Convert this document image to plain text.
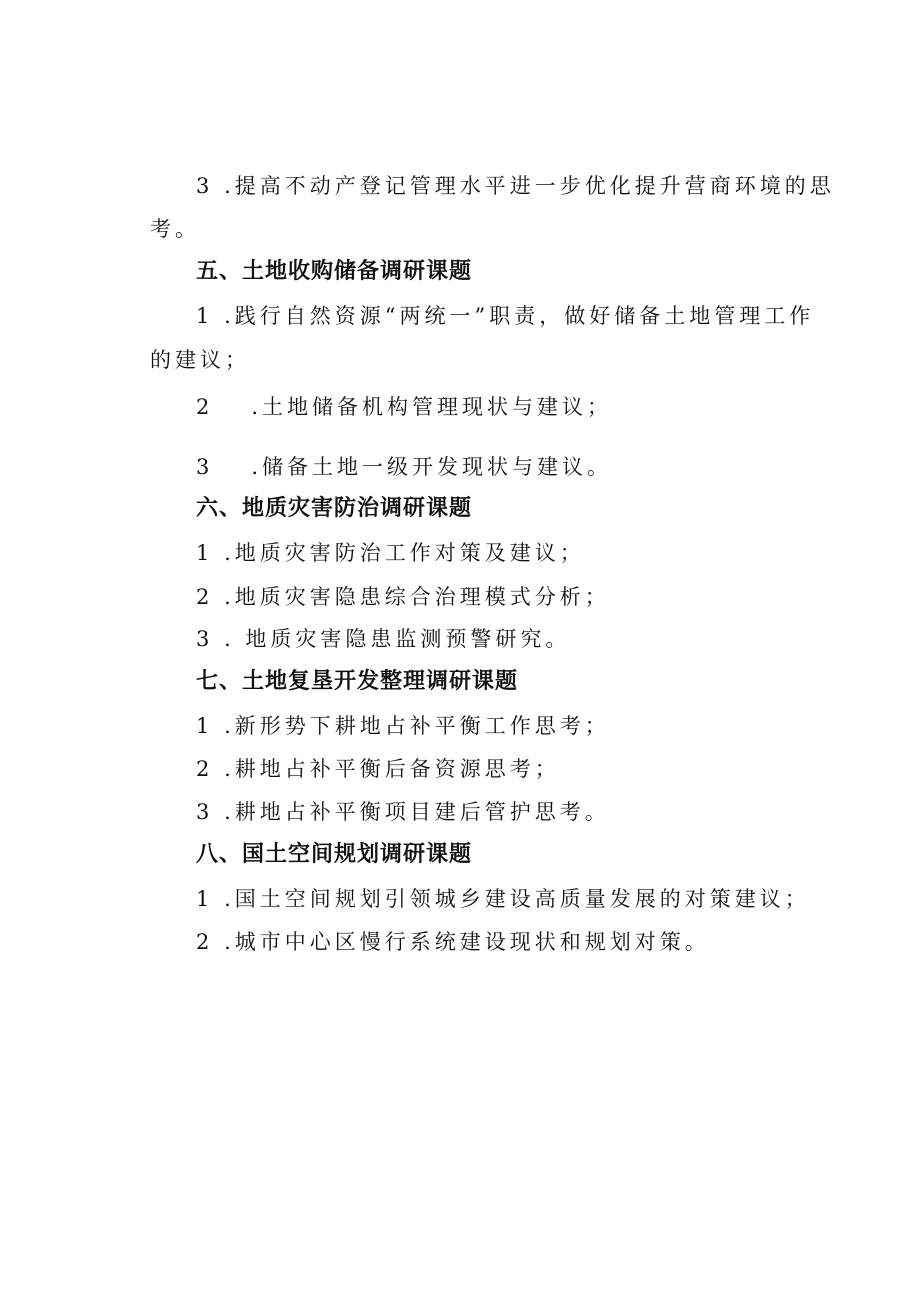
3 .提高不动产登记管理水平进一步优化提升营商环境的思
考。
五、土地收购储备调研课题
1 .践行自然资源“两统一”职责，做好储备土地管理工作
的建议；
2 .土地储备机构管理现状与建议；
3 .储备土地一级开发现状与建议。
六、地质灾害防治调研课题
1 .地质灾害防治工作对策及建议；
2 .地质灾害隐患综合治理模式分析；
3 . 地质灾害隐患监测预警研究。
七、土地复垦开发整理调研课题
1 .新形势下耕地占补平衡工作思考；
2 .耕地占补平衡后备资源思考；
3 .耕地占补平衡项目建后管护思考。
八、国土空间规划调研课题
1 .国土空间规划引领城乡建设高质量发展的对策建议；
2 .城市中心区慢行系统建设现状和规划对策。
